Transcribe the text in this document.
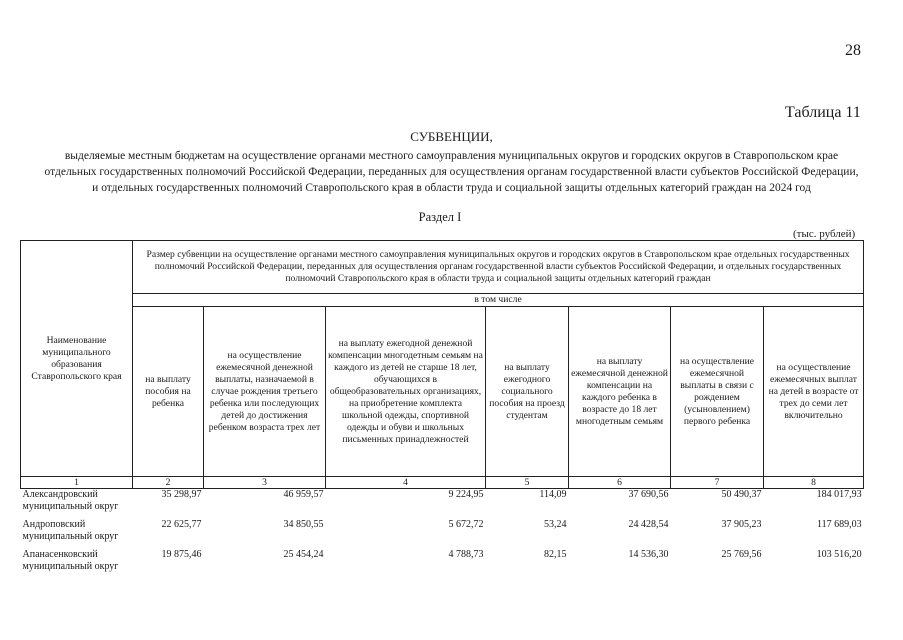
28
Таблица 11
СУБВЕНЦИИ,
выделяемые местным бюджетам на осуществление органами местного самоуправления муниципальных округов и городских округов в Ставропольском крае
отдельных государственных полномочий Российской Федерации, переданных для осуществления органам государственной власти субъектов Российской Федерации,
и отдельных государственных полномочий Ставропольского края в области труда и социальной защиты отдельных категорий граждан на 2024 год
Раздел I
(тыс. рублей)
Наименование муниципального образования Ставропольского края	Размер субвенции на осуществление органами местного самоуправления муниципальных округов и городских округов в Ставропольском крае отдельных государственных полномочий Российской Федерации, переданных для осуществления органам государственной власти субъектов Российской Федерации, и отдельных государственных полномочий Ставропольского края в области труда и социальной защиты отдельных категорий граждан						
	в том числе						
	на выплату пособия на ребенка	на осуществление ежемесячной денежной выплаты, назначаемой в случае рождения третьего ребенка или последующих детей до достижения ребенком возраста трех лет	на выплату ежегодной денежной компенсации многодетным семьям на каждого из детей не старше 18 лет, обучающихся в общеобразовательных организациях, на приобретение комплекта школьной одежды, спортивной одежды и обуви и школьных письменных принадлежностей	на выплату ежегодного социального пособия на проезд студентам	на выплату ежемесячной денежной компенсации на каждого ребенка в возрасте до 18 лет многодетным семьям	на осуществление ежемесячной выплаты в связи с рождением (усыновлением) первого ребенка	на осуществление ежемесячных выплат на детей в возрасте от трех до семи лет включительно
1	2	3	4	5	6	7	8
Александровский муниципальный округ	35 298,97	46 959,57	9 224,95	114,09	37 690,56	50 490,37	184 017,93
Андроповский муниципальный округ	22 625,77	34 850,55	5 672,72	53,24	24 428,54	37 905,23	117 689,03
Апанасенковский муниципальный округ	19 875,46	25 454,24	4 788,73	82,15	14 536,30	25 769,56	103 516,20
